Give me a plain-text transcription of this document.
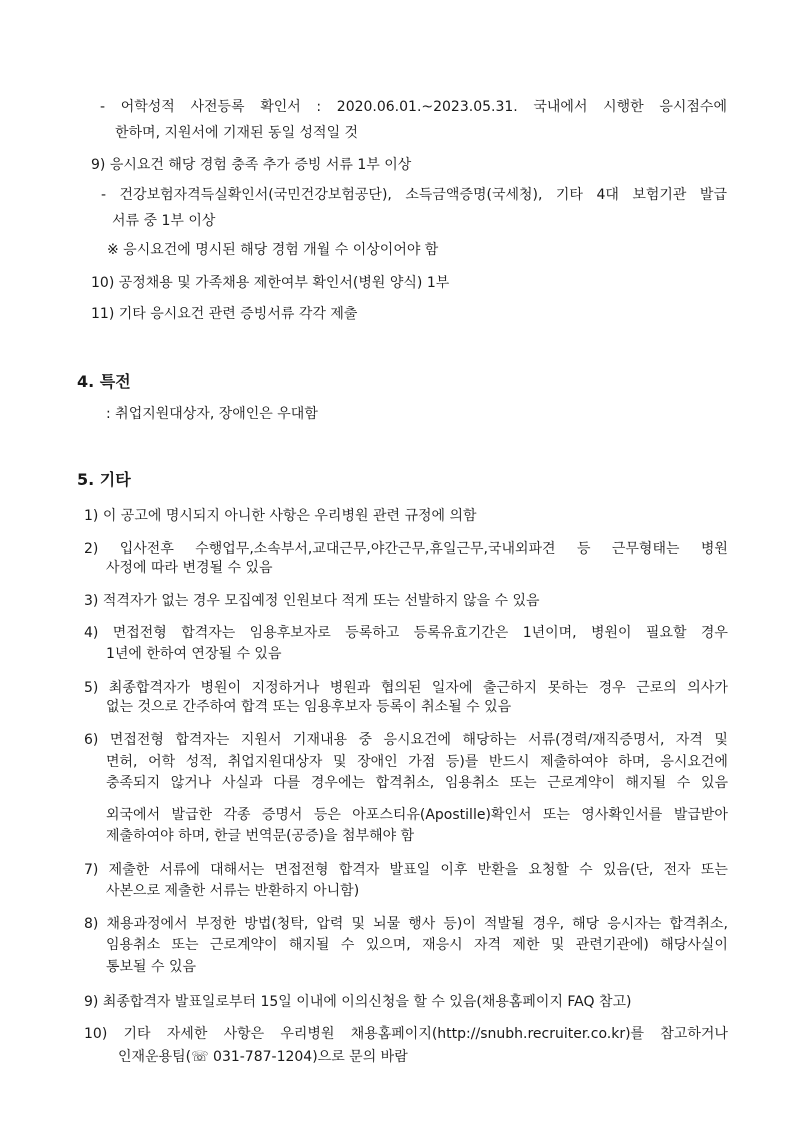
- 어학성적 사전등록 확인서 : 2020.06.01.~2023.05.31. 국내에서 시행한 응시점수에
한하며, 지원서에 기재된 동일 성적일 것
9) 응시요건 해당 경험 충족 추가 증빙 서류 1부 이상
- 건강보험자격득실확인서(국민건강보험공단), 소득금액증명(국세청), 기타 4대 보험기관 발급
서류 중 1부 이상
※ 응시요건에 명시된 해당 경험 개월 수 이상이어야 함
10) 공정채용 및 가족채용 제한여부 확인서(병원 양식) 1부
11) 기타 응시요건 관련 증빙서류 각각 제출
4. 특전
: 취업지원대상자, 장애인은 우대함
5. 기타
1) 이 공고에 명시되지 아니한 사항은 우리병원 관련 규정에 의함
2) 입사전후 수행업무,소속부서,교대근무,야간근무,휴일근무,국내외파견 등 근무형태는 병원
사정에 따라 변경될 수 있음
3) 적격자가 없는 경우 모집예정 인원보다 적게 또는 선발하지 않을 수 있음
4) 면접전형 합격자는 임용후보자로 등록하고 등록유효기간은 1년이며, 병원이 필요할 경우
1년에 한하여 연장될 수 있음
5) 최종합격자가 병원이 지정하거나 병원과 협의된 일자에 출근하지 못하는 경우 근로의 의사가
없는 것으로 간주하여 합격 또는 임용후보자 등록이 취소될 수 있음
6) 면접전형 합격자는 지원서 기재내용 중 응시요건에 해당하는 서류(경력/재직증명서, 자격 및
면허, 어학 성적, 취업지원대상자 및 장애인 가점 등)를 반드시 제출하여야 하며, 응시요건에
충족되지 않거나 사실과 다를 경우에는 합격취소, 임용취소 또는 근로계약이 해지될 수 있음
외국에서 발급한 각종 증명서 등은 아포스티유(Apostille)확인서 또는 영사확인서를 발급받아
제출하여야 하며, 한글 번역문(공증)을 첨부해야 함
7) 제출한 서류에 대해서는 면접전형 합격자 발표일 이후 반환을 요청할 수 있음(단, 전자 또는
사본으로 제출한 서류는 반환하지 아니함)
8) 채용과정에서 부정한 방법(청탁, 압력 및 뇌물 행사 등)이 적발될 경우, 해당 응시자는 합격취소,
임용취소 또는 근로계약이 해지될 수 있으며, 재응시 자격 제한 및 관련기관에) 해당사실이
통보될 수 있음
9) 최종합격자 발표일로부터 15일 이내에 이의신청을 할 수 있음(채용홈페이지 FAQ 참고)
10) 기타 자세한 사항은 우리병원 채용홈페이지(http://snubh.recruiter.co.kr)를 참고하거나
인재운용팀(☏ 031-787-1204)으로 문의 바람
